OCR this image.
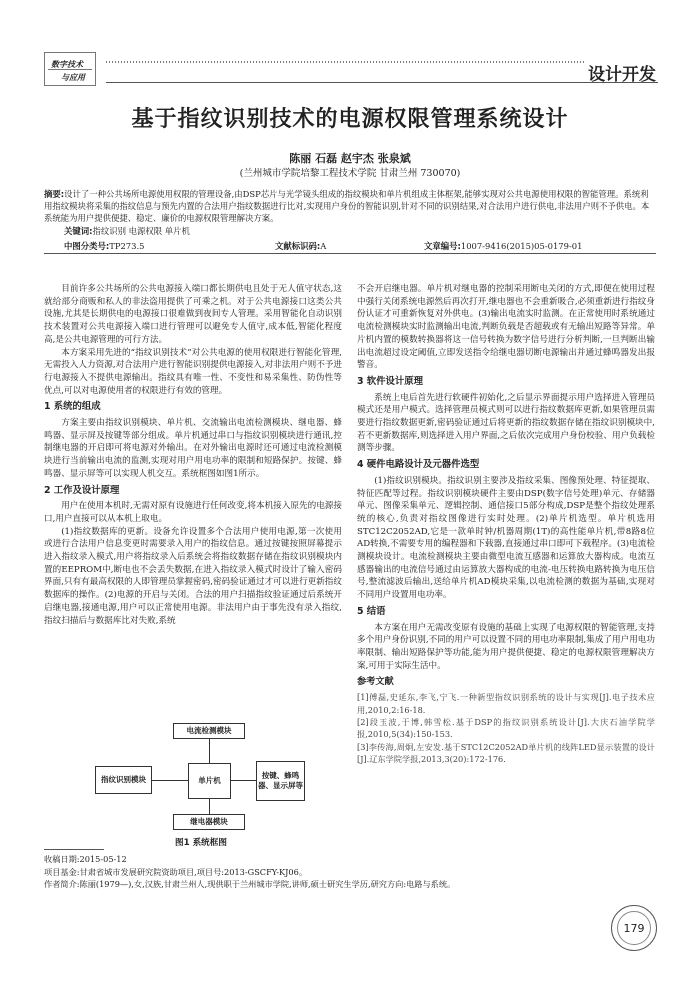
数字技术
与应用	设计开发
基于指纹识别技术的电源权限管理系统设计
陈丽 石磊 赵宇杰 张泉斌
(兰州城市学院培黎工程技术学院 甘肃兰州 730070)
摘要:设计了一种公共场所电源使用权限的管理设备,由DSP芯片与光学镜头组成的指纹模块和单片机组成主体框架,能够实现对公共电源使用权限的智能管理。系统利用指纹模块将采集的指纹信息与预先内置的合法用户指纹数据进行比对,实现用户身份的智能识别,针对不同的识别结果,对合法用户进行供电,非法用户则不予供电。本系统能为用户提供便捷、稳定、廉价的电源权限管理解决方案。
关键词:指纹识别 电源权限 单片机
中图分类号:TP273.5	文献标识码:A	文章编号:1007-9416(2015)05-0179-01

目前许多公共场所的公共电源接入端口都长期供电且处于无人值守状态,这就给部分商贩和私人的非法盗用提供了可乘之机。对于公共电源接口这类公共设施,尤其是长期供电的电源接口很难做到夜间专人管理。采用智能化自动识别技术装置对公共电源接入端口进行管理可以避免专人值守,成本低,智能化程度高,是公共电源管理的可行方法。

本方案采用先进的“指纹识别技术”对公共电源的使用权限进行智能化管理,无需投入人力资源,对合法用户进行智能识别提供电源接入,对非法用户则不予进行电源接入不提供电源输出。指纹具有唯一性、不变性和易采集性、防伪性等优点,可以对电源使用者的权限进行有效的管理。

1 系统的组成

方案主要由指纹识别模块、单片机、交流输出电流检测模块、继电器、蜂鸣器、显示屏及按键等部分组成。单片机通过串口与指纹识别模块进行通讯,控制继电器的开启即可将电源对外输出。在对外输出电源时还可通过电流检测模块进行当前输出电流的监测,实现对用户用电功率的限制和短路保护。按键、蜂鸣器、显示屏等可以实现人机交互。系统框图如图1所示。

2 工作及设计原理

用户在使用本机时,无需对原有设施进行任何改变,将本机接入原先的电源接口,用户直接可以从本机上取电。

(1)指纹数据库的更新。设备允许设置多个合法用户使用电源,第一次使用或进行合法用户信息变更时需要录入用户的指纹信息。通过按键按照屏幕提示进入指纹录入模式,用户将指纹录入后系统会将指纹数据存储在指纹识别模块内置的EEPROM中,断电也不会丢失数据,在进入指纹录入模式时设计了输入密码界面,只有有最高权限的人即管理员掌握密码,密码验证通过才可以进行更新指纹数据库的操作。(2)电源的开启与关闭。合法的用户扫描指纹验证通过后系统开启继电器,接通电源,用户可以正常使用电源。非法用户由于事先没有录入指纹,指纹扫描后与数据库比对失败,系统

电流检测模块
指纹识别模块	单片机
按键、蜂鸣器、显示屏等
继电器模块
图1 系统框图

不会开启继电器。单片机对继电器的控制采用断电关闭的方式,即便在使用过程中强行关闭系统电源然后再次打开,继电器也不会重新吸合,必须重新进行指纹身份认证才可重新恢复对外供电。(3)输出电流实时监测。在正常使用时系统通过电流检测模块实时监测输出电流,判断负载是否超载或有无输出短路等异常。单片机内置的模数转换器将这一信号转换为数字信号进行分析判断,一旦判断出输出电流超过设定阈值,立即发送指令给继电器切断电源输出并通过蜂鸣器发出报警音。

3 软件设计原理

系统上电后首先进行软硬件初始化,之后显示界面提示用户选择进入管理员模式还是用户模式。选择管理员模式则可以进行指纹数据库更新,如果管理员需要进行指纹数据更新,密码验证通过后将更新的指纹数据存储在指纹识别模块中,若不更新数据库,则选择进入用户界面,之后依次完成用户身份校验、用户负载检测等步骤。

4 硬件电路设计及元器件选型

(1)指纹识别模块。指纹识别主要涉及指纹采集、图像预处理、特征提取、特征匹配等过程。指纹识别模块硬件主要由DSP(数字信号处理)单元、存储器单元、图像采集单元、逻辑控制、通信接口5部分构成,DSP是整个指纹处理系统的核心,负责对指纹图像进行实时处理。(2)单片机选型。单片机选用STC12C2052AD,它是一款单时钟/机器周期(1T)的高性能单片机,带8路8位AD转换,不需要专用的编程器和下载器,直接通过串口即可下载程序。(3)电流检测模块设计。电流检测模块主要由微型电流互感器和运算放大器构成。电流互感器输出的电流信号通过由运算放大器构成的电流-电压转换电路转换为电压信号,整流滤波后输出,送给单片机AD模块采集,以电流检测的数据为基础,实现对不同用户设置用电功率。

5 结语

本方案在用户无需改变原有设施的基础上实现了电源权限的智能管理,支持多个用户身份识别,不同的用户可以设置不同的用电功率限制,集成了用户用电功率限制、输出短路保护等功能,能为用户提供便捷、稳定的电源权限管理解决方案,可用于实际生活中。

参考文献
[1]傅磊,史延东,李飞,宁飞.一种新型指纹识别系统的设计与实现[J].电子技术应用,2010,2:16-18.
[2]段玉波,于博,韩雪松.基于DSP的指纹识别系统设计[J].大庆石油学院学报,2010,5(34):150-153.
[3]李传海,周炯,左安发.基于STC12C2052AD单片机的线阵LED显示装置的设计[J].辽东学院学报,2013,3(20):172-176.
收稿日期:2015-05-12
项目基金:甘肃省城市发展研究院资助项目,项目号:2013-GSCFY-KJ06。
作者简介:陈丽(1979—),女,汉族,甘肃兰州人,现供职于兰州城市学院,讲师,硕士研究生学历,研究方向:电路与系统。
179
